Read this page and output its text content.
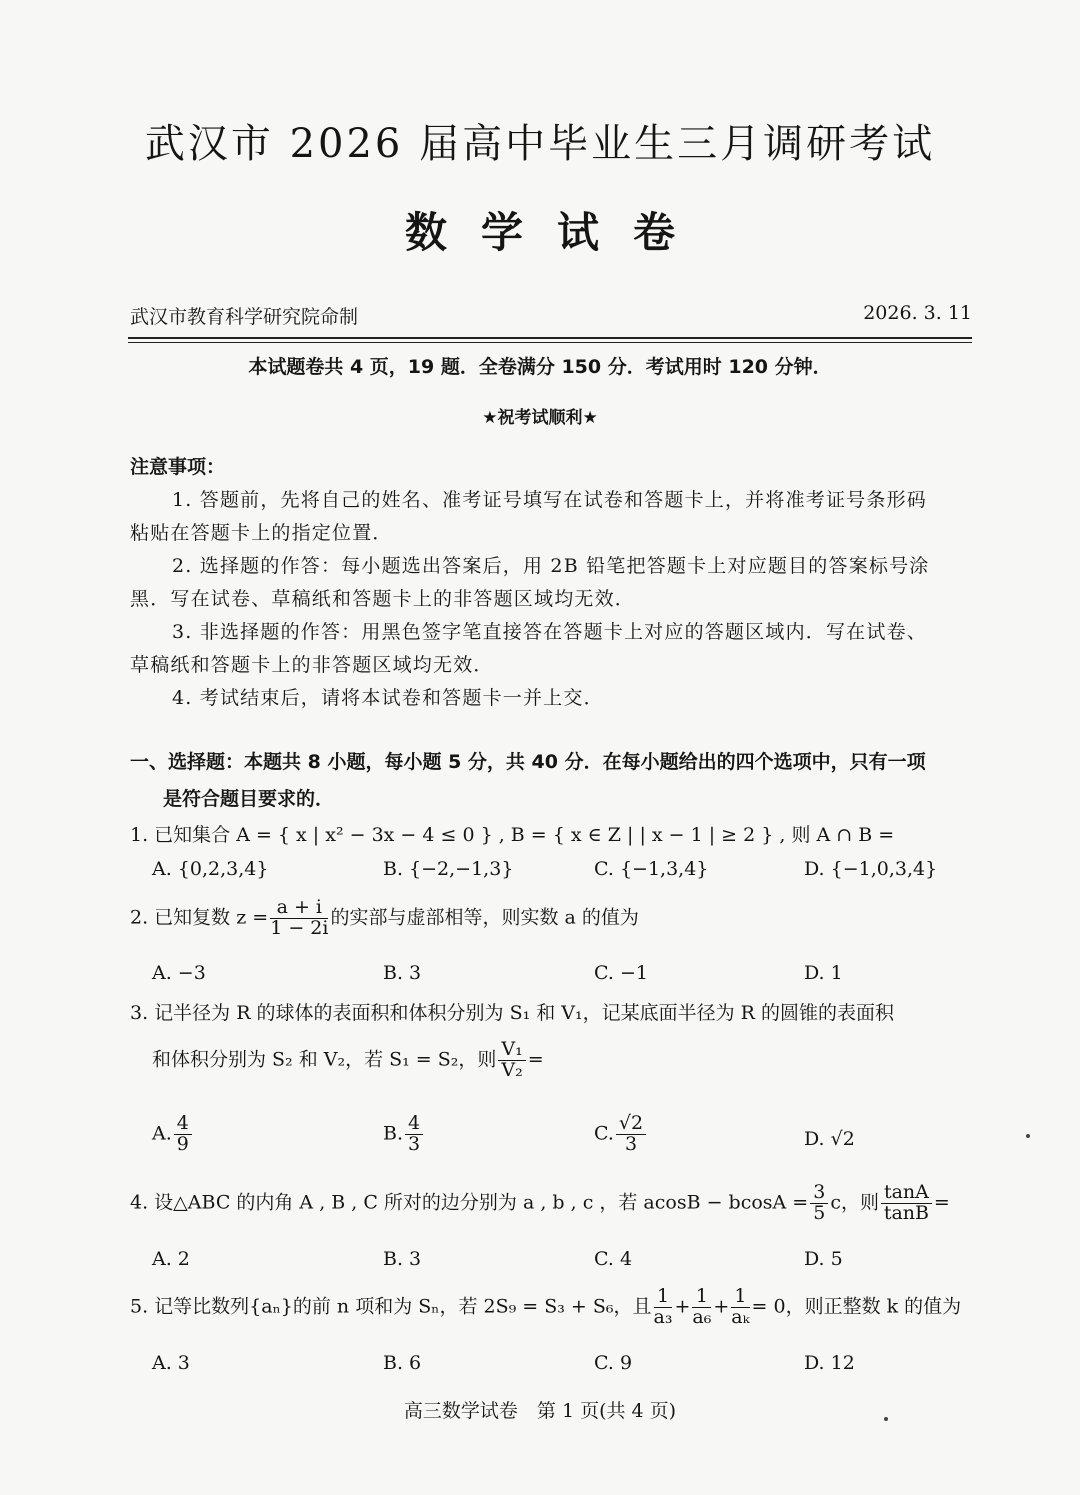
武汉市 2026 届高中毕业生三月调研考试
数学试卷
武汉市教育科学研究院命制	2026. 3. 11
本试题卷共 4 页，19 题．全卷满分 150 分．考试用时 120 分钟．
★祝考试顺利★
注意事项：
1. 答题前，先将自己的姓名、准考证号填写在试卷和答题卡上，并将准考证号条形码
粘贴在答题卡上的指定位置．
2. 选择题的作答：每小题选出答案后，用 2B 铅笔把答题卡上对应题目的答案标号涂
黑．写在试卷、草稿纸和答题卡上的非答题区域均无效．
3. 非选择题的作答：用黑色签字笔直接答在答题卡上对应的答题区域内．写在试卷、
草稿纸和答题卡上的非答题区域均无效．
4. 考试结束后，请将本试卷和答题卡一并上交．
一、选择题：本题共 8 小题，每小题 5 分，共 40 分．在每小题给出的四个选项中，只有一项
是符合题目要求的．
1. 已知集合 A = { x | x² − 3x − 4 ≤ 0 } , B = { x ∈ Z | | x − 1 | ≥ 2 } , 则 A ∩ B =
A. {0,2,3,4}	B. {−2,−1,3}	C. {−1,3,4}	D. {−1,0,3,4}
2. 已知复数 $z = \frac{a + i}{1 - 2i}$ 的实部与虚部相等，则实数 a 的值为
A. −3	B. 3	C. −1	D. 1
3. 记半径为 R 的球体的表面积和体积分别为 S₁ 和 V₁，记某底面半径为 R 的圆锥的表面积
和体积分别为 S₂ 和 V₂，若 S₁ = S₂，则 $\frac{\text{V₁}}{\text{V₂}}$ =
A. $\frac{4}{9}$	B. $\frac{4}{3}$	C. $\frac{√2}{3}$	D. √2
4. 设△ABC 的内角 A , B , C 所对的边分别为 a , b , c ，若 $acosB - bcosA = \frac{3}{5}$ c，则 $\frac{\tan A}{\tan B}$ =
A. 2	B. 3	C. 4	D. 5
5. 记等比数列{aₙ}的前 n 项和为 Sₙ，若 2S₉ = S₃ + S₆，且 $\frac{1}{\text{a₃}} + \frac{1}{\text{a₆}} + \frac{1}{\text{aₖ}} = 0$，则正整数 k 的值为
A. 3	B. 6	C. 9	D. 12
高三数学试卷　第 1 页(共 4 页)
